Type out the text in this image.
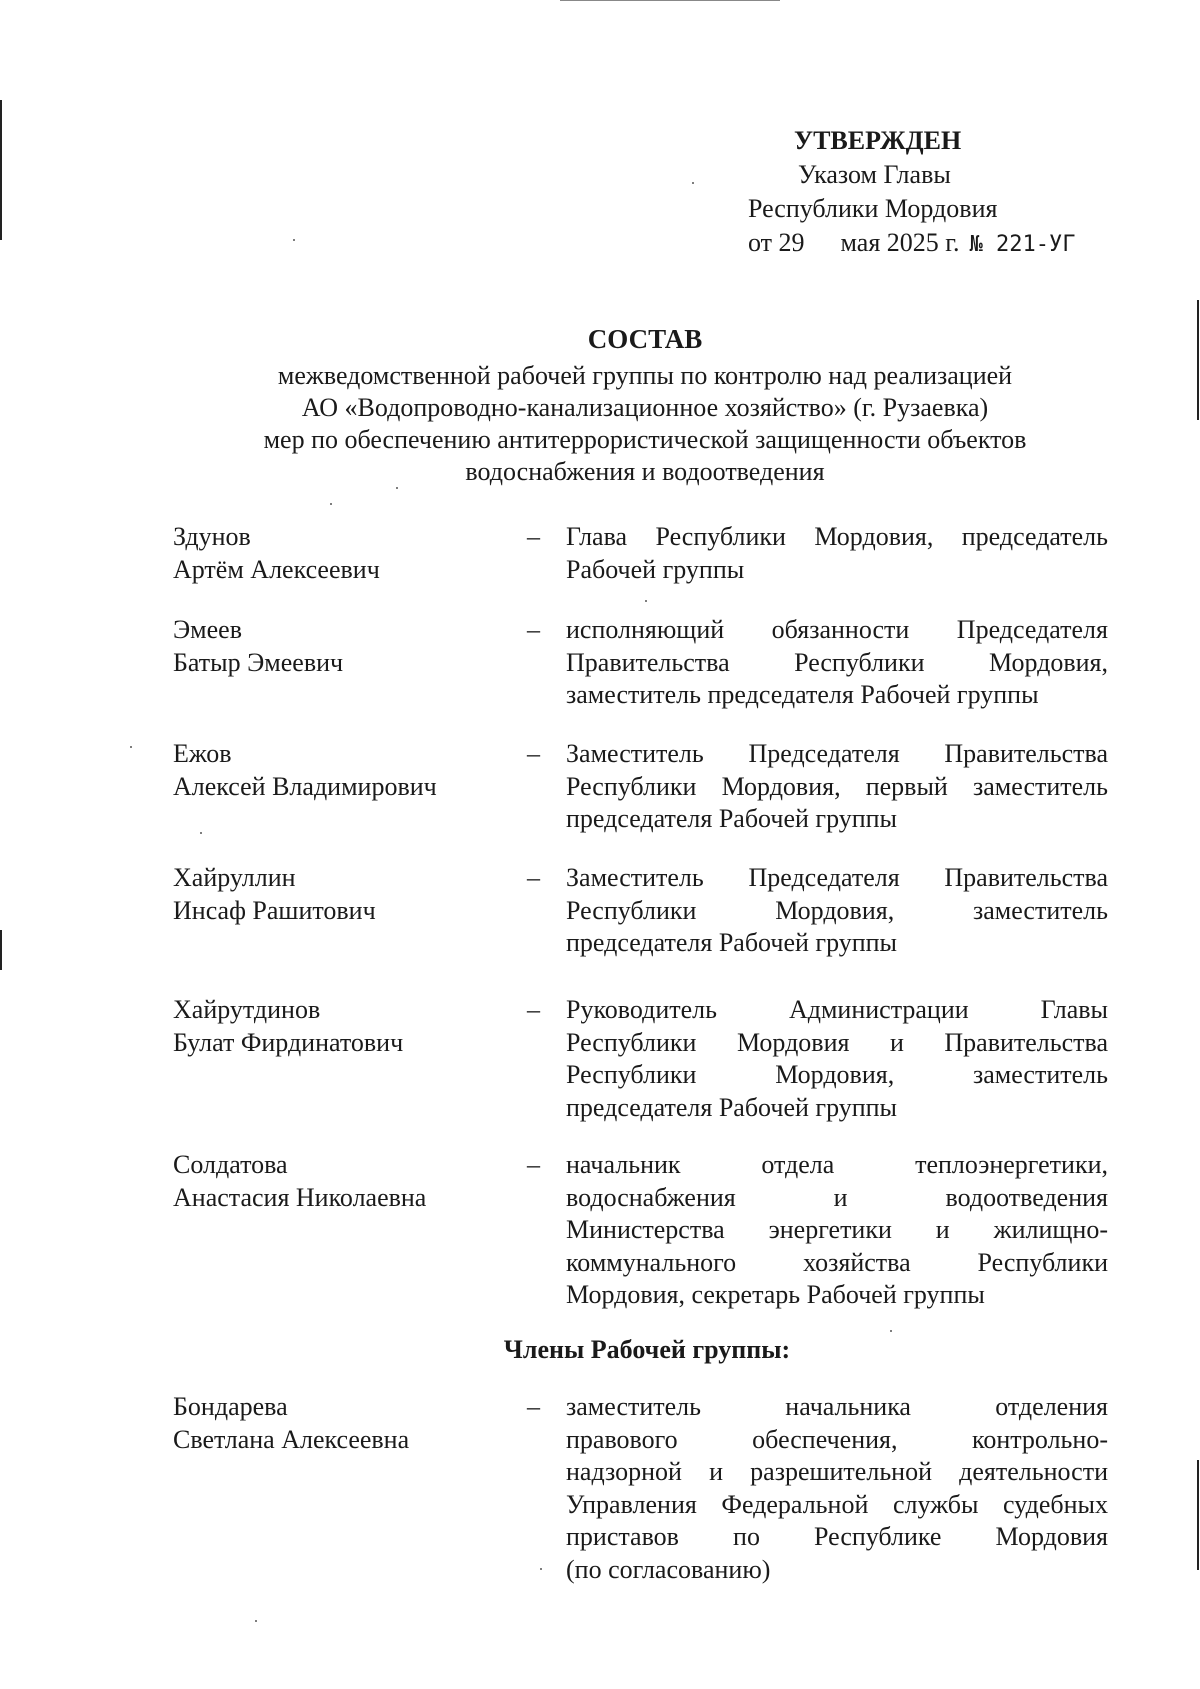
УТВЕРЖДЕН
Указом Главы
Республики Мордовия
от 29 мая 2025 г. № 221-УГ
СОСТАВ
межведомственной рабочей группы по контролю над реализацией
АО «Водопроводно-канализационное хозяйство» (г. Рузаевка)
мер по обеспечению антитеррористической защищенности объектов
водоснабжения и водоотведения
Здунов
Артём Алексеевич
– Глава Республики Мордовия, председатель
Рабочей группы
Эмеев
Батыр Эмеевич
– исполняющий обязанности Председателя
Правительства Республики Мордовия,
заместитель председателя Рабочей группы
Ежов
Алексей Владимирович
– Заместитель Председателя Правительства
Республики Мордовия, первый заместитель
председателя Рабочей группы
Хайруллин
Инсаф Рашитович
– Заместитель Председателя Правительства
Республики Мордовия, заместитель
председателя Рабочей группы
Хайрутдинов
Булат Фирдинатович
– Руководитель Администрации Главы
Республики Мордовия и Правительства
Республики Мордовия, заместитель
председателя Рабочей группы
Солдатова
Анастасия Николаевна
– начальник отдела теплоэнергетики,
водоснабжения и водоотведения
Министерства энергетики и жилищно-
коммунального хозяйства Республики
Мордовия, секретарь Рабочей группы
Члены Рабочей группы:
Бондарева
Светлана Алексеевна
– заместитель начальника отделения
правового обеспечения, контрольно-
надзорной и разрешительной деятельности
Управления Федеральной службы судебных
приставов по Республике Мордовия
(по согласованию)
